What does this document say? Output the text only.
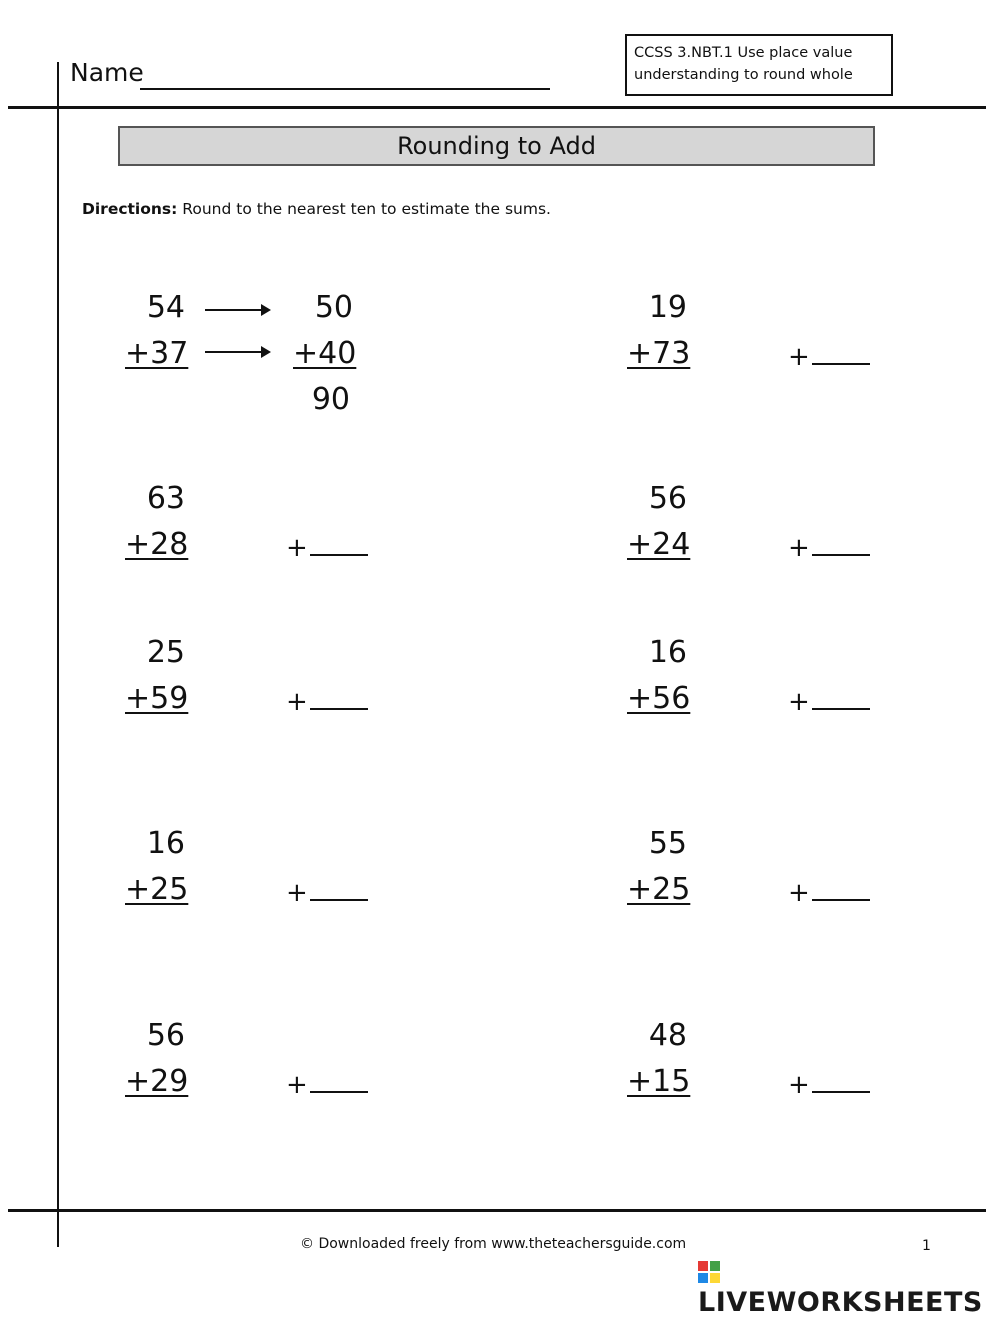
Name
CCSS 3.NBT.1 Use place value understanding to round whole
Rounding to Add
Directions: Round to the nearest ten to estimate the sums.
54
+37
50
+40
90
19
+73	+
63
+28	+
56
+24	+
25
+59	+
16
+56	+
16
+25	+
55
+25	+
56
+29	+
48
+15	+
© Downloaded freely from www.theteachersguide.com	1
LIVEWORKSHEETS
